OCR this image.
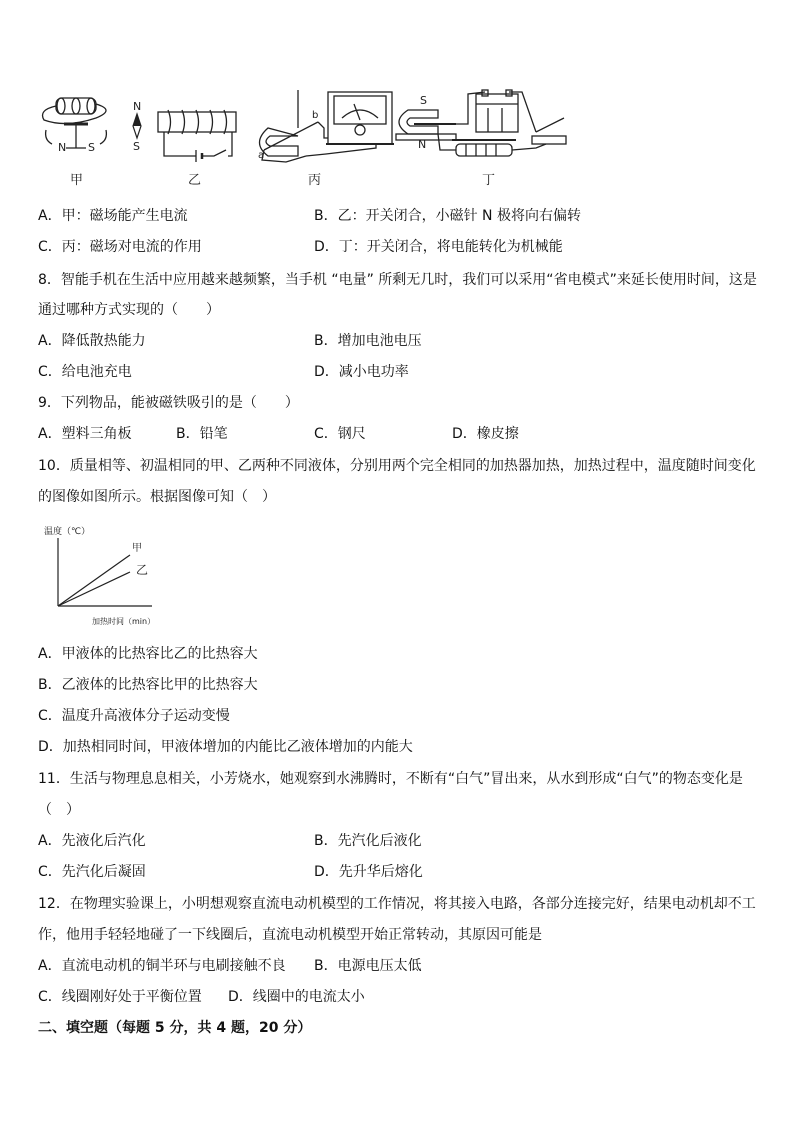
N S
甲
N
S
乙
a
b
丙
S
N
丁
A．甲：磁场能产生电流	B．乙：开关闭合，小磁针 N 极将向右偏转
C．丙：磁场对电流的作用	D．丁：开关闭合，将电能转化为机械能
8．智能手机在生活中应用越来越频繁，当手机 “电量” 所剩无几时，我们可以采用“省电模式”来延长使用时间，这是
通过哪种方式实现的（　　）
A．降低散热能力	B．增加电池电压
C．给电池充电	D．减小电功率
9．下列物品，能被磁铁吸引的是（　　）
A．塑料三角板	B．铅笔	C．钢尺	D．橡皮擦
10．质量相等、初温相同的甲、乙两种不同液体，分别用两个完全相同的加热器加热，加热过程中，温度随时间变化
的图像如图所示。根据图像可知（　）
温度（℃）
加热时间（min）
甲
乙
A．甲液体的比热容比乙的比热容大
B．乙液体的比热容比甲的比热容大
C．温度升高液体分子运动变慢
D．加热相同时间，甲液体增加的内能比乙液体增加的内能大
11．生活与物理息息相关，小芳烧水，她观察到水沸腾时，不断有“白气”冒出来，从水到形成“白气”的物态变化是
（　）
A．先液化后汽化	B．先汽化后液化
C．先汽化后凝固	D．先升华后熔化
12．在物理实验课上，小明想观察直流电动机模型的工作情况，将其接入电路，各部分连接完好，结果电动机却不工
作，他用手轻轻地碰了一下线圈后，直流电动机模型开始正常转动，其原因可能是
A．直流电动机的铜半环与电刷接触不良 B．电源电压太低
C．线圈刚好处于平衡位置 D．线圈中的电流太小
二、填空题（每题 5 分，共 4 题，20 分）
